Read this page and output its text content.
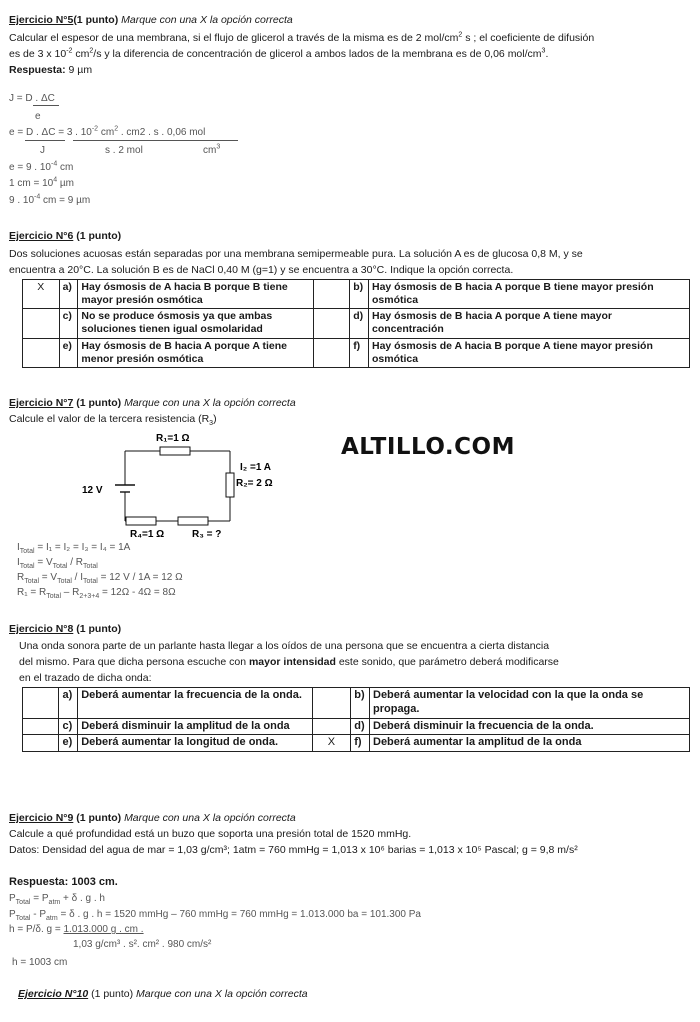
Ejercicio N°5(1 punto) Marque con una X la opción correcta
Calcular el espesor de una membrana, si el flujo de glicerol a través de la misma es de 2 mol/$cm^2$ s ; el coeficiente de difusión
es de 3 x $10^{-2}$ $cm^2/s$ y la diferencia de concentración de glicerol a ambos lados de la membrana es de 0,06 mol/$cm^3$.
Respuesta: 9 µm
J = D . ΔC
e
e = D . ΔC = 3 . $10^{-2}$ $cm^2$ . cm2 . s . 0,06 mol
J	s . 2 mol	$cm^3$
e = 9 . $10^{-4}$ cm
1 cm = $10^4$ µm
9 . $10^{-4}$ cm = 9 µm
Ejercicio N°6 (1 punto)
Dos soluciones acuosas están separadas por una membrana semipermeable pura. La solución A es de glucosa 0,8 M, y se
encuentra a 20°C. La solución B es de NaCl 0,40 M (g=1) y se encuentra a 30°C. Indique la opción correcta.
X	a)	Hay ósmosis de A hacia B porque B tiene mayor presión osmótica		b)	Hay ósmosis de B hacia A porque B tiene mayor presión osmótica
	c)	No se produce ósmosis ya que ambas soluciones tienen igual osmolaridad		d)	Hay ósmosis de B hacia A porque A tiene mayor concentración
	e)	Hay ósmosis de B hacia A porque A tiene menor presión osmótica		f)	Hay ósmosis de A hacia B porque A tiene mayor presión osmótica
Ejercicio N°7 (1 punto) Marque con una X la opción correcta
Calcule el valor de la tercera resistencia $(R_3)$
R₁=1 Ω
I₂ =1 A
R₂= 2 Ω
12 V
R₄=1 Ω	R₃ = ?
ALTILLO.COM
$I_{Total} = I_1 = I_2 = I_3 = I_4 = 1A$
$I_{Total} = V_{Total} / R_{Total}$
$R_{Total} = V_{Total} / I_{Total} = 12$ V / 1A = 12 Ω
$R_1 = R_{Total} - R_{2+3+4} = 12\Omega - 4\Omega = 8\Omega$
Ejercicio N°8 (1 punto)
Una onda sonora parte de un parlante hasta llegar a los oídos de una persona que se encuentra a cierta distancia
del mismo. Para que dicha persona escuche con mayor intensidad este sonido, que parámetro deberá modificarse
en el trazado de dicha onda:
	a)	Deberá aumentar la frecuencia de la onda.		b)	Deberá aumentar la velocidad con la que la onda se propaga.
	c)	Deberá disminuir la amplitud de la onda		d)	Deberá disminuir la frecuencia de la onda.
	e)	Deberá aumentar la longitud de onda.	X	f)	Deberá aumentar la amplitud de la onda
Ejercicio N°9 (1 punto) Marque con una X la opción correcta
Calcule a qué profundidad está un buzo que soporta una presión total de 1520 mmHg.
Datos: Densidad del agua de mar = 1,03 g/cm³; 1atm = 760 mmHg = 1,013 x 10⁶ barias = 1,013 x 10⁵ Pascal; g = 9,8 m/s²
Respuesta: 1003 cm.
$P_{Total} = P_{atm} + \delta$ . g . h
$P_{Total} - P_{atm} = \delta$ . g . h = 1520 mmHg – 760 mmHg = 760 mmHg = 1.013.000 ba = 101.300 Pa
h = P/δ. g = 1.013.000 g . cm .
1,03 g/cm³ . s². cm² . 980 cm/s²
h = 1003 cm
Ejercicio N°10 (1 punto) Marque con una X la opción correcta
